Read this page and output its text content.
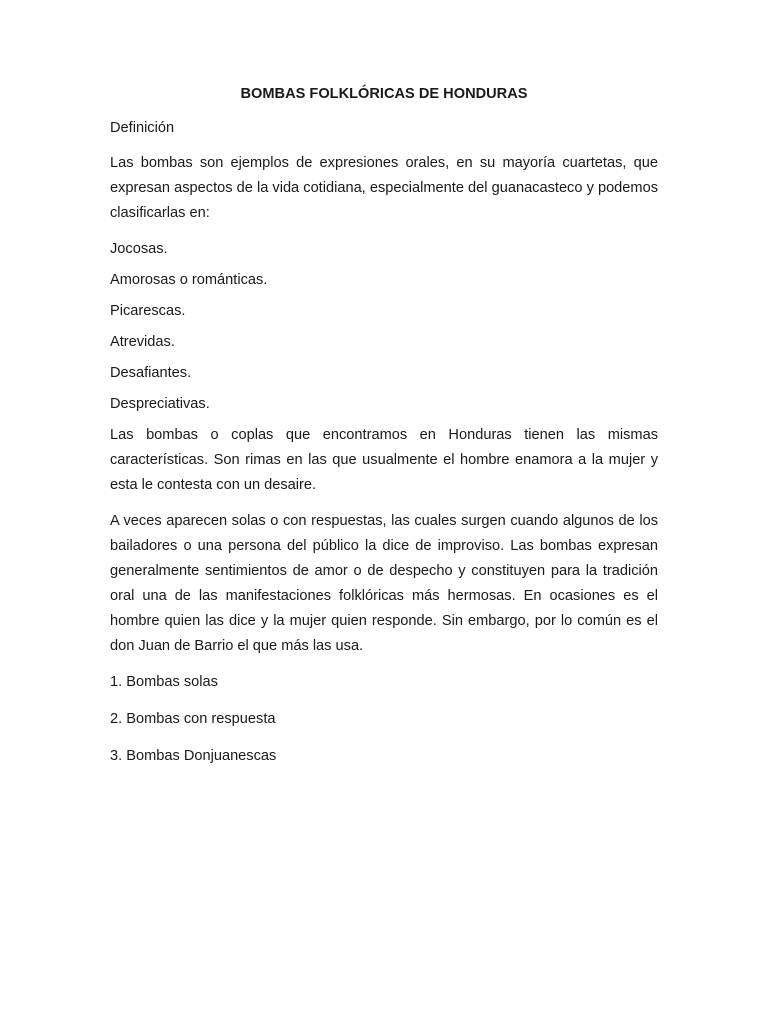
BOMBAS FOLKLÓRICAS DE HONDURAS
Definición

Las bombas son ejemplos de expresiones orales, en su mayoría cuartetas, que expresan aspectos de la vida cotidiana, especialmente del guanacasteco y podemos clasificarlas en:

Jocosas.
Amorosas o románticas.
Picarescas.
Atrevidas.
Desafiantes.
Despreciativas.

Las bombas o coplas que encontramos en Honduras tienen las mismas características. Son rimas en las que usualmente el hombre enamora a la mujer y esta le contesta con un desaire.

A veces aparecen solas o con respuestas, las cuales surgen cuando algunos de los bailadores o una persona del público la dice de improviso. Las bombas expresan generalmente sentimientos de amor o de despecho y constituyen para la tradición oral una de las manifestaciones folklóricas más hermosas. En ocasiones es el hombre quien las dice y la mujer quien responde. Sin embargo, por lo común es el don Juan de Barrio el que más las usa.

1. Bombas solas
2. Bombas con respuesta
3. Bombas Donjuanescas
